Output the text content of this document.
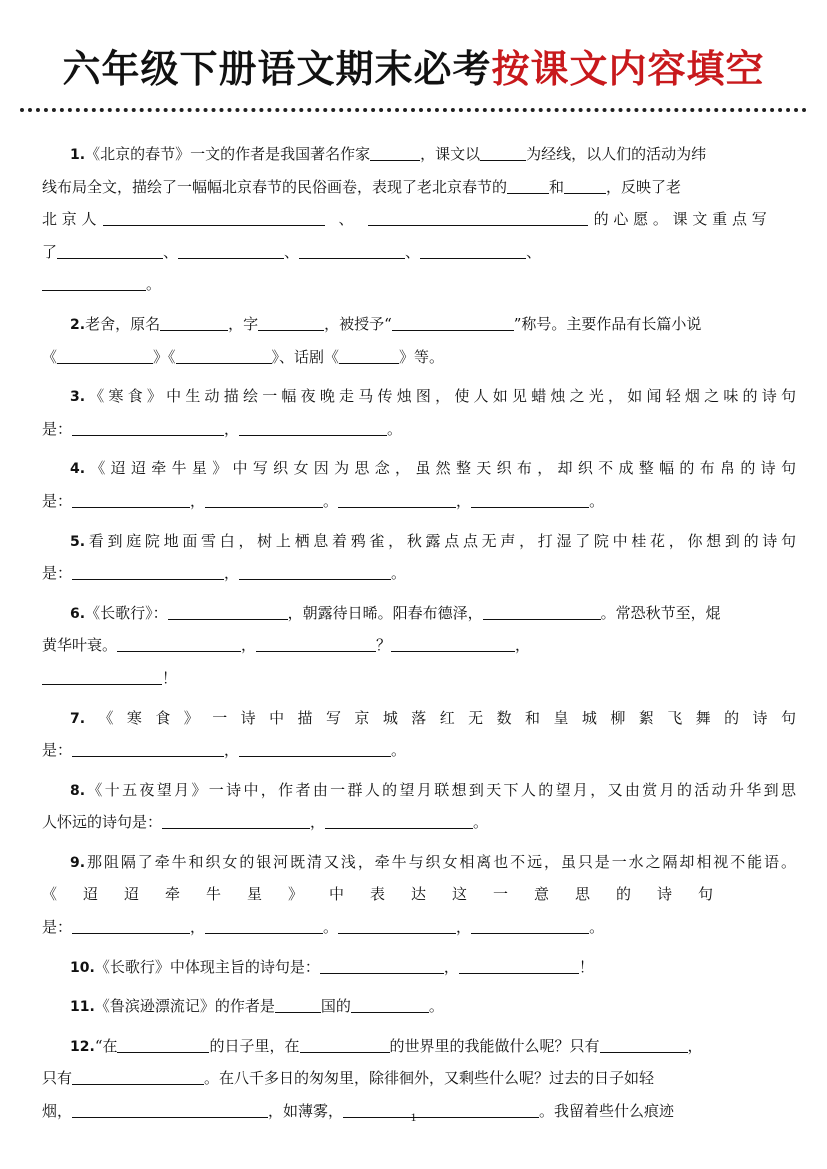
六年级下册语文期末必考按课文内容填空
1.《北京的春节》一文的作者是我国著名作家	，课文以	为经线，以人们的活动为纬
线布局全文，描绘了一幅幅北京春节的民俗画卷，表现了老北京春节的	和	，反映了老
北 京 人	、	的 心 愿 。 课 文 重 点 写
了	、	、	、	、
。
2.老舍，原名	，字	，被授予“	”称号。主要作品有长篇小说
《	》《	》、话剧《	》等。
3.《寒食》中生动描绘一幅夜晚走马传烛图，使人如见蜡烛之光，如闻轻烟之味的诗句
是：	，	。
4.《迢迢牵牛星》中写织女因为思念，虽然整天织布，却织不成整幅的布帛的诗句
是：	，	。	，	。
5.看到庭院地面雪白，树上栖息着鸦雀，秋露点点无声，打湿了院中桂花，你想到的诗句
是：	，	。
6.《长歌行》：	，朝露待日晞。阳春布德泽，	。常恐秋节至，焜
黄华叶衰。	，	？	，
！
7.《寒食》一诗中描写京城落红无数和皇城柳絮飞舞的诗句
是：	，	。
8.《十五夜望月》一诗中，作者由一群人的望月联想到天下人的望月，又由赏月的活动升华到思
人怀远的诗句是：	，	。
9.那阻隔了牵牛和织女的银河既清又浅，牵牛与织女相离也不远，虽只是一水之隔却相视不能语。
《迢迢牵牛星》中表达这一意思的诗句
是：	，	。	，	。
10.《长歌行》中体现主旨的诗句是：	，	！
11.《鲁滨逊漂流记》的作者是	国的	。
12.“在	的日子里，在	的世界里的我能做什么呢？只有	，
只有	。在八千多日的匆匆里，除徘徊外，又剩些什么呢？过去的日子如轻
烟，	，如薄雾，	。我留着些什么痕迹
1
